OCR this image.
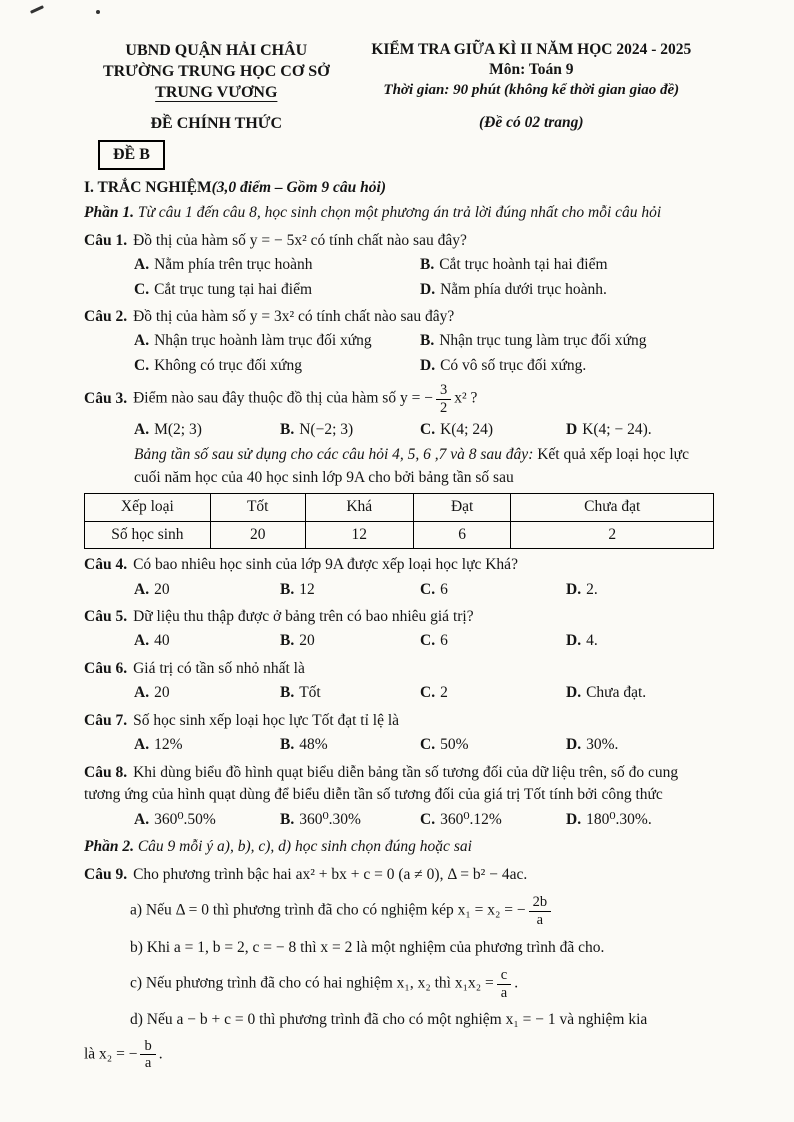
UBND QUẬN HẢI CHÂU
TRƯỜNG TRUNG HỌC CƠ SỞ
TRUNG VƯƠNG
KIỂM TRA GIỮA KÌ II NĂM HỌC 2024 - 2025
Môn: Toán 9
Thời gian: 90 phút (không kể thời gian giao đề)
ĐỀ CHÍNH THỨC	(Đề có 02 trang)
ĐỀ B
I. TRẮC NGHIỆM(3,0 điểm – Gồm 9 câu hỏi)
Phần 1. Từ câu 1 đến câu 8, học sinh chọn một phương án trả lời đúng nhất cho mỗi câu hỏi
Câu 1. Đồ thị của hàm số y = − 5x² có tính chất nào sau đây?
A. Nằm phía trên trục hoành	B. Cắt trục hoành tại hai điểm
C. Cắt trục tung tại hai điểm	D. Nằm phía dưới trục hoành.
Câu 2. Đồ thị của hàm số y = 3x² có tính chất nào sau đây?
A. Nhận trục hoành làm trục đối xứng	B. Nhận trục tung làm trục đối xứng
C. Không có trục đối xứng	D. Có vô số trục đối xứng.
Câu 3. Điểm nào sau đây thuộc đồ thị của hàm số y = − $\frac{3}{2} x^2$ ?
A. M(2; 3)	B. N(−2; 3)	C. K(4; 24)	D K(4; − 24).
Bảng tần số sau sử dụng cho các câu hỏi 4, 5, 6 ,7 và 8 sau đây: Kết quả xếp loại học lực cuối năm học của 40 học sinh lớp 9A cho bởi bảng tần số sau
Xếp loại	Tốt	Khá	Đạt	Chưa đạt
Số học sinh	20	12	6	2
Câu 4. Có bao nhiêu học sinh của lớp 9A được xếp loại học lực Khá?
A. 20	B. 12	C. 6	D. 2.
Câu 5. Dữ liệu thu thập được ở bảng trên có bao nhiêu giá trị?
A. 40	B. 20	C. 6	D. 4.
Câu 6. Giá trị có tần số nhỏ nhất là
A. 20	B. Tốt	C. 2	D. Chưa đạt.
Câu 7. Số học sinh xếp loại học lực Tốt đạt tỉ lệ là
A. 12%	B. 48%	C. 50%	D. 30%.
Câu 8. Khi dùng biểu đồ hình quạt biểu diễn bảng tần số tương đối của dữ liệu trên, số đo cung tương ứng của hình quạt dùng để biểu diễn tần số tương đối của giá trị Tốt tính bởi công thức
A. 360⁰.50%	B. 360⁰.30%	C. 360⁰.12%	D. 180⁰.30%.
Phần 2. Câu 9 mỗi ý a), b), c), d) học sinh chọn đúng hoặc sai
Câu 9. Cho phương trình bậc hai ax² + bx + c = 0 (a ≠ 0), Δ = b² − 4ac.
a) Nếu Δ = 0 thì phương trình đã cho có nghiệm kép x₁ = x₂ = − $\frac{2b}{a}$
b) Khi a = 1, b = 2, c = − 8 thì x = 2 là một nghiệm của phương trình đã cho.
c) Nếu phương trình đã cho có hai nghiệm x₁, x₂ thì $x_1x_2 = \frac{c}{a}$ .
d) Nếu a − b + c = 0 thì phương trình đã cho có một nghiệm x₁ = − 1 và nghiệm kia
là x₂ = − $\frac{b}{a}$ .
